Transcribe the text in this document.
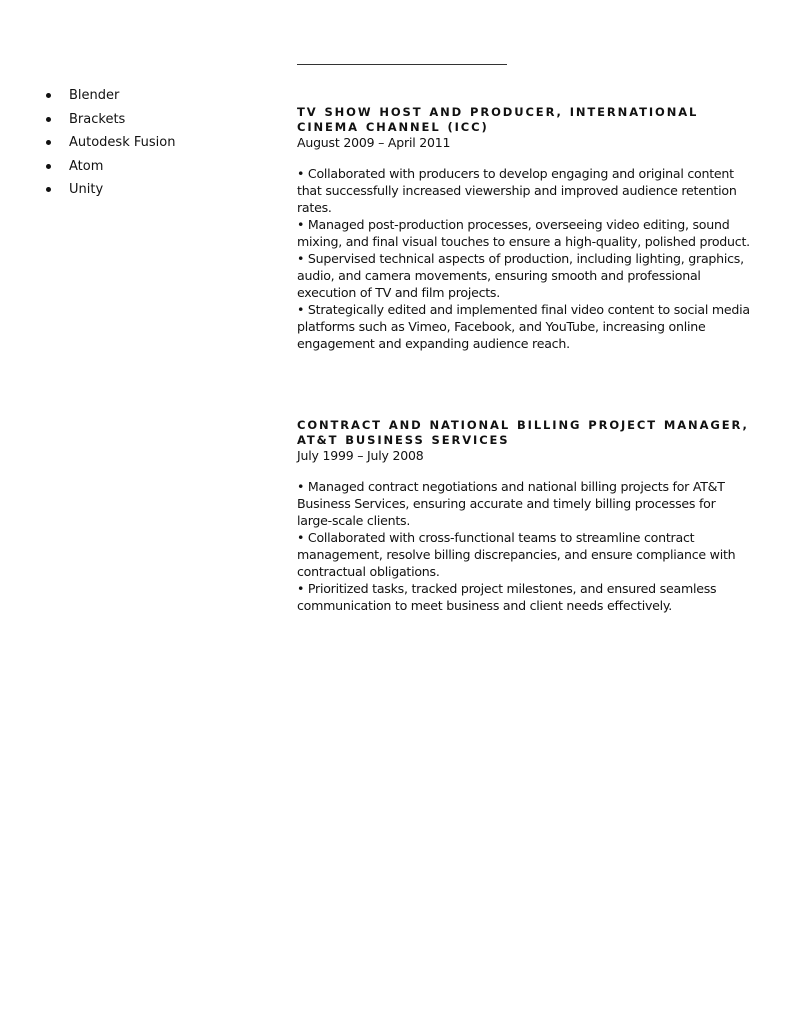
Blender
Brackets
Autodesk Fusion
Atom
Unity

TV SHOW HOST AND PRODUCER, INTERNATIONAL CINEMA CHANNEL (ICC)

August 2009 – April 2011

• Collaborated with producers to develop engaging and original content that successfully increased viewership and improved audience retention rates.

• Managed post-production processes, overseeing video editing, sound mixing, and final visual touches to ensure a high-quality, polished product.

• Supervised technical aspects of production, including lighting, graphics, audio, and camera movements, ensuring smooth and professional execution of TV and film projects.

• Strategically edited and implemented final video content to social media platforms such as Vimeo, Facebook, and YouTube, increasing online engagement and expanding audience reach.

CONTRACT AND NATIONAL BILLING PROJECT MANAGER, AT&T BUSINESS SERVICES

July 1999 – July 2008

• Managed contract negotiations and national billing projects for AT&T Business Services, ensuring accurate and timely billing processes for large-scale clients.

• Collaborated with cross-functional teams to streamline contract management, resolve billing discrepancies, and ensure compliance with contractual obligations.

• Prioritized tasks, tracked project milestones, and ensured seamless communication to meet business and client needs effectively.
